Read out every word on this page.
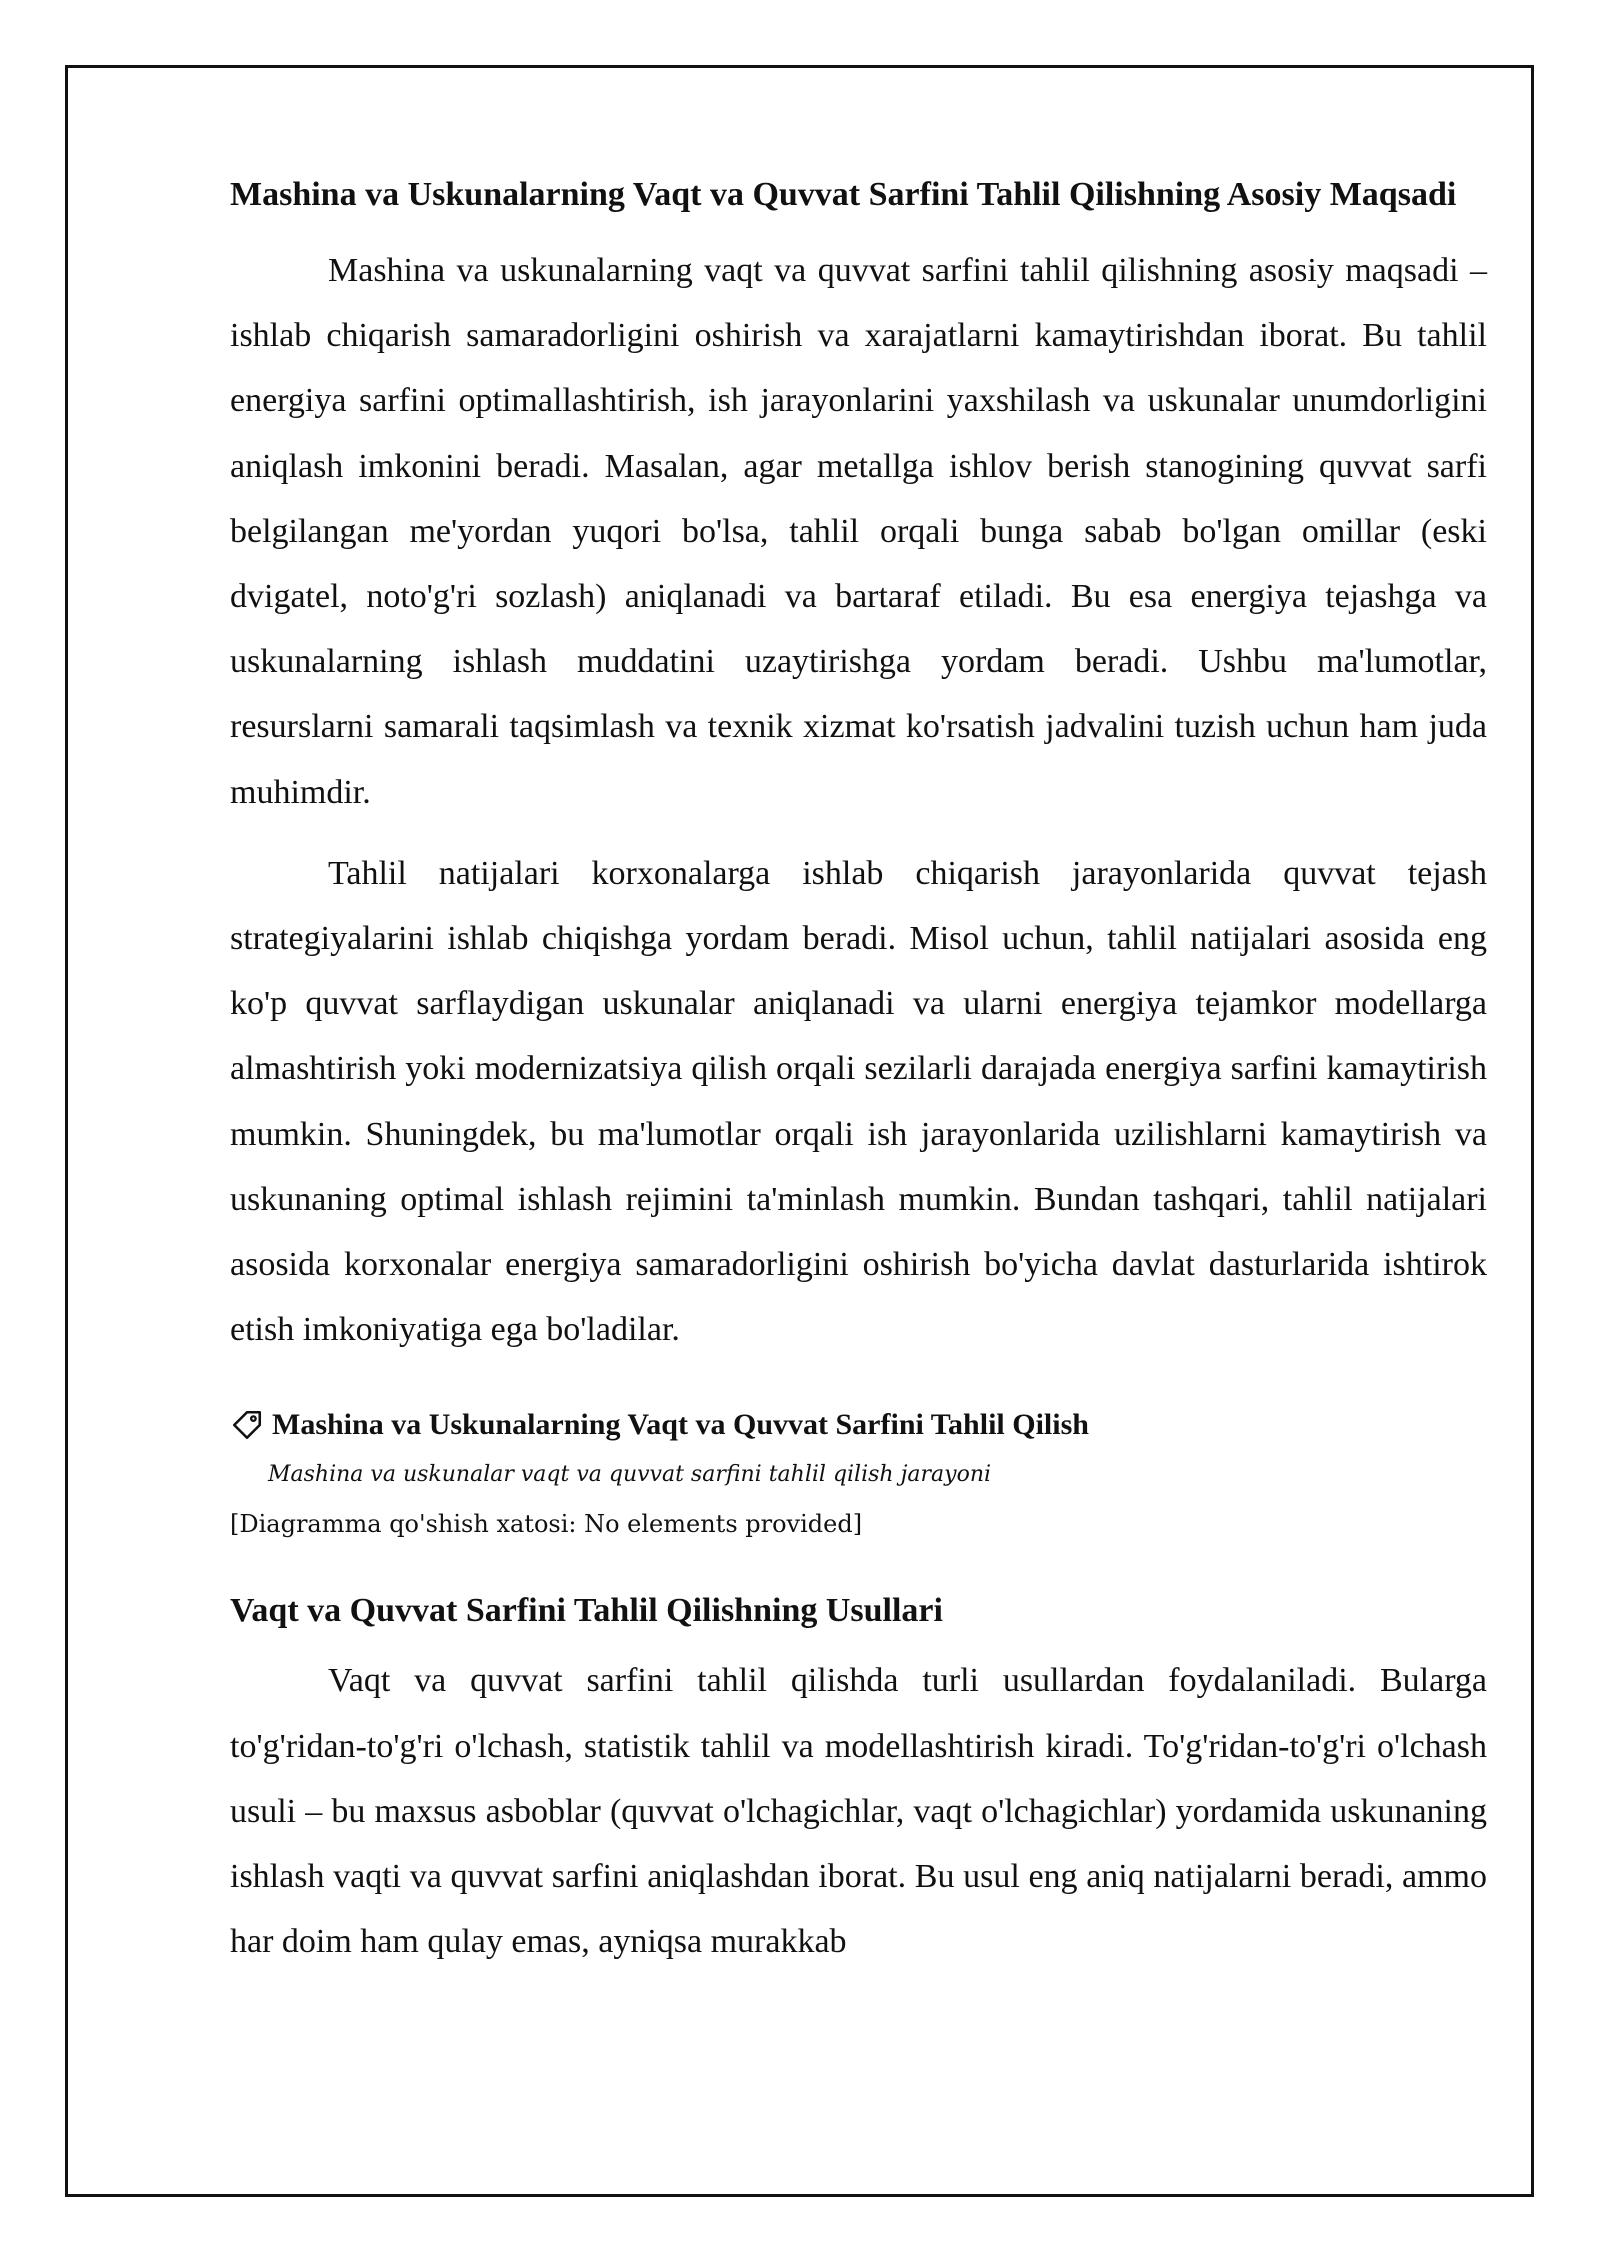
Mashina va Uskunalarning Vaqt va Quvvat Sarfini Tahlil Qilishning Asosiy Maqsadi

Mashina va uskunalarning vaqt va quvvat sarfini tahlil qilishning asosiy maqsadi – ishlab chiqarish samaradorligini oshirish va xarajatlarni kamaytirishdan iborat. Bu tahlil energiya sarfini optimallashtirish, ish jarayonlarini yaxshilash va uskunalar unumdorligini aniqlash imkonini beradi. Masalan, agar metallga ishlov berish stanogining quvvat sarfi belgilangan me'yordan yuqori bo'lsa, tahlil orqali bunga sabab bo'lgan omillar (eski dvigatel, noto'g'ri sozlash) aniqlanadi va bartaraf etiladi. Bu esa energiya tejashga va uskunalarning ishlash muddatini uzaytirishga yordam beradi. Ushbu ma'lumotlar, resurslarni samarali taqsimlash va texnik xizmat ko'rsatish jadvalini tuzish uchun ham juda muhimdir.

Tahlil natijalari korxonalarga ishlab chiqarish jarayonlarida quvvat tejash strategiyalarini ishlab chiqishga yordam beradi. Misol uchun, tahlil natijalari asosida eng ko'p quvvat sarflaydigan uskunalar aniqlanadi va ularni energiya tejamkor modellarga almashtirish yoki modernizatsiya qilish orqali sezilarli darajada energiya sarfini kamaytirish mumkin. Shuningdek, bu ma'lumotlar orqali ish jarayonlarida uzilishlarni kamaytirish va uskunaning optimal ishlash rejimini ta'minlash mumkin. Bundan tashqari, tahlil natijalari asosida korxonalar energiya samaradorligini oshirish bo'yicha davlat dasturlarida ishtirok etish imkoniyatiga ega bo'ladilar.

Mashina va Uskunalarning Vaqt va Quvvat Sarfini Tahlil Qilish
Mashina va uskunalar vaqt va quvvat sarfini tahlil qilish jarayoni
[Diagramma qo'shish xatosi: No elements provided]
Vaqt va Quvvat Sarfini Tahlil Qilishning Usullari

Vaqt va quvvat sarfini tahlil qilishda turli usullardan foydalaniladi. Bularga to'g'ridan-to'g'ri o'lchash, statistik tahlil va modellashtirish kiradi. To'g'ridan-to'g'ri o'lchash usuli – bu maxsus asboblar (quvvat o'lchagichlar, vaqt o'lchagichlar) yordamida uskunaning ishlash vaqti va quvvat sarfini aniqlashdan iborat. Bu usul eng aniq natijalarni beradi, ammo har doim ham qulay emas, ayniqsa murakkab
